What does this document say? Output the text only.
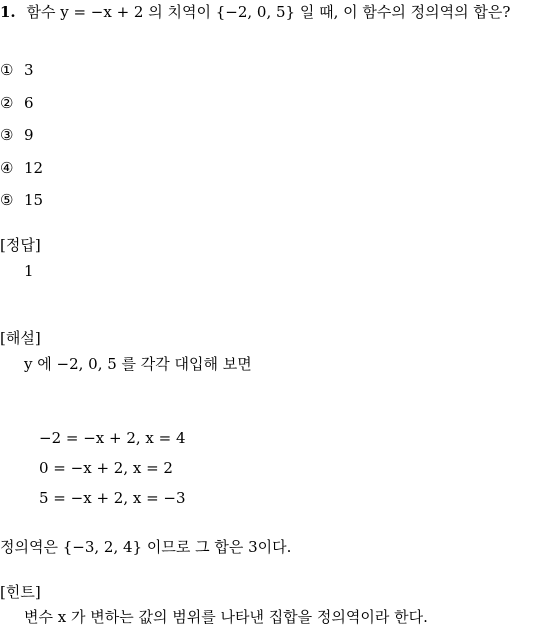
1. 함수 y = −x + 2 의 치역이 {−2, 0, 5} 일 때, 이 함수의 정의역의 합은?
① 3
② 6
③ 9
④ 12
⑤ 15
[정답]
1
[해설]
y 에 −2, 0, 5 를 각각 대입해 보면
−2 = −x + 2, x = 4
0 = −x + 2, x = 2
5 = −x + 2, x = −3
정의역은 {−3, 2, 4} 이므로 그 합은 3이다.
[힌트]
변수 x 가 변하는 값의 범위를 나타낸 집합을 정의역이라 한다.
